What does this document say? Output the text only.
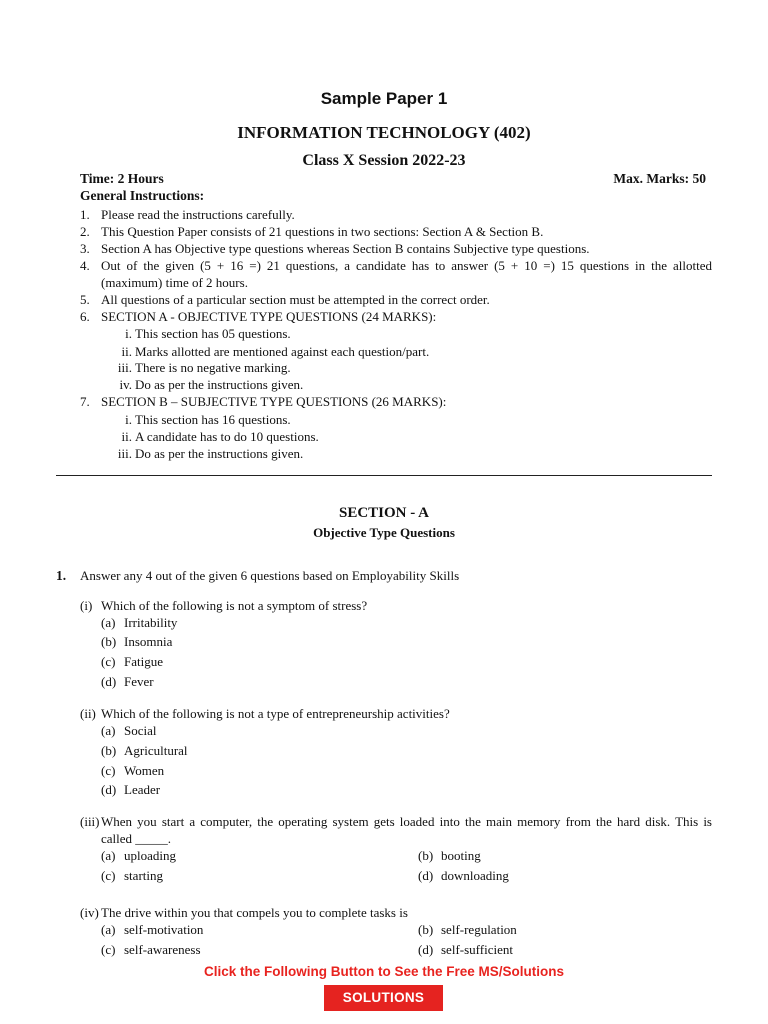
Sample Paper 1
INFORMATION TECHNOLOGY (402)
Class X Session 2022-23
Time: 2 Hours	Max. Marks: 50
General Instructions:
1. Please read the instructions carefully.
2. This Question Paper consists of 21 questions in two sections: Section A & Section B.
3. Section A has Objective type questions whereas Section B contains Subjective type questions.
4. Out of the given (5 + 16 =) 21 questions, a candidate has to answer (5 + 10 =) 15 questions in the allotted
(maximum) time of 2 hours.
5. All questions of a particular section must be attempted in the correct order.
6. SECTION A - OBJECTIVE TYPE QUESTIONS (24 MARKS):
i. This section has 05 questions.
ii. Marks allotted are mentioned against each question/part.
iii. There is no negative marking.
iv. Do as per the instructions given.
7. SECTION B – SUBJECTIVE TYPE QUESTIONS (26 MARKS):
i. This section has 16 questions.
ii. A candidate has to do 10 questions.
iii. Do as per the instructions given.
SECTION - A
Objective Type Questions
1. Answer any 4 out of the given 6 questions based on Employability Skills
(i) Which of the following is not a symptom of stress?
(a) Irritability
(b) Insomnia
(c) Fatigue
(d) Fever
(ii) Which of the following is not a type of entrepreneurship activities?
(a) Social
(b) Agricultural
(c) Women
(d) Leader
(iii) When you start a computer, the operating system gets loaded into the main memory from the hard disk. This is
called _____.
(a) uploading	(b) booting
(c) starting	(d) downloading
(iv) The drive within you that compels you to complete tasks is
(a) self-motivation	(b) self-regulation
(c) self-awareness	(d) self-sufficient
Click the Following Button to See the Free MS/Solutions
SOLUTIONS
